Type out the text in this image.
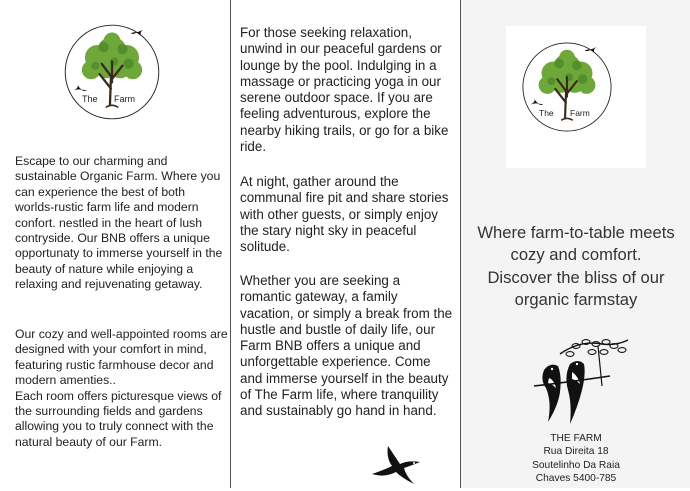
The Farm

Escape to our charming and sustainable Organic Farm. Where you can experience the best of both worlds-rustic farm life and modern confort. nestled in the heart of lush contryside. Our BNB offers a unique opportunaty to immerse yourself in the beauty of nature while enjoying a relaxing and rejuvenating getaway.

Our cozy and well-appointed rooms are designed with your comfort in mind, featuring rustic farmhouse decor and modern amenties..
Each room offers picturesque views of the surrounding fields and gardens allowing you to truly connect with the natural beauty of our Farm.

For those seeking relaxation, unwind in our peaceful gardens or lounge by the pool. Indulging in a massage or practicing yoga in our serene outdoor space. If you are feeling adventurous, explore the nearby hiking trails, or go for a bike ride.

At night, gather around the communal fire pit and share stories with other guests, or simply enjoy the stary night sky in peaceful solitude.

Whether you are seeking a romantic gateway, a family vacation, or simply a break from the hustle and bustle of daily life, our Farm BNB offers a unique and unforgettable experience. Come and immerse yourself in the beauty of The Farm life, where tranquility and sustainably go hand in hand.

The Farm
Where farm-to-table meets cozy and comfort.
Discover the bliss of our organic farmstay
THE FARM
Rua Direita 18
Soutelinho Da Raia
Chaves 5400-785
